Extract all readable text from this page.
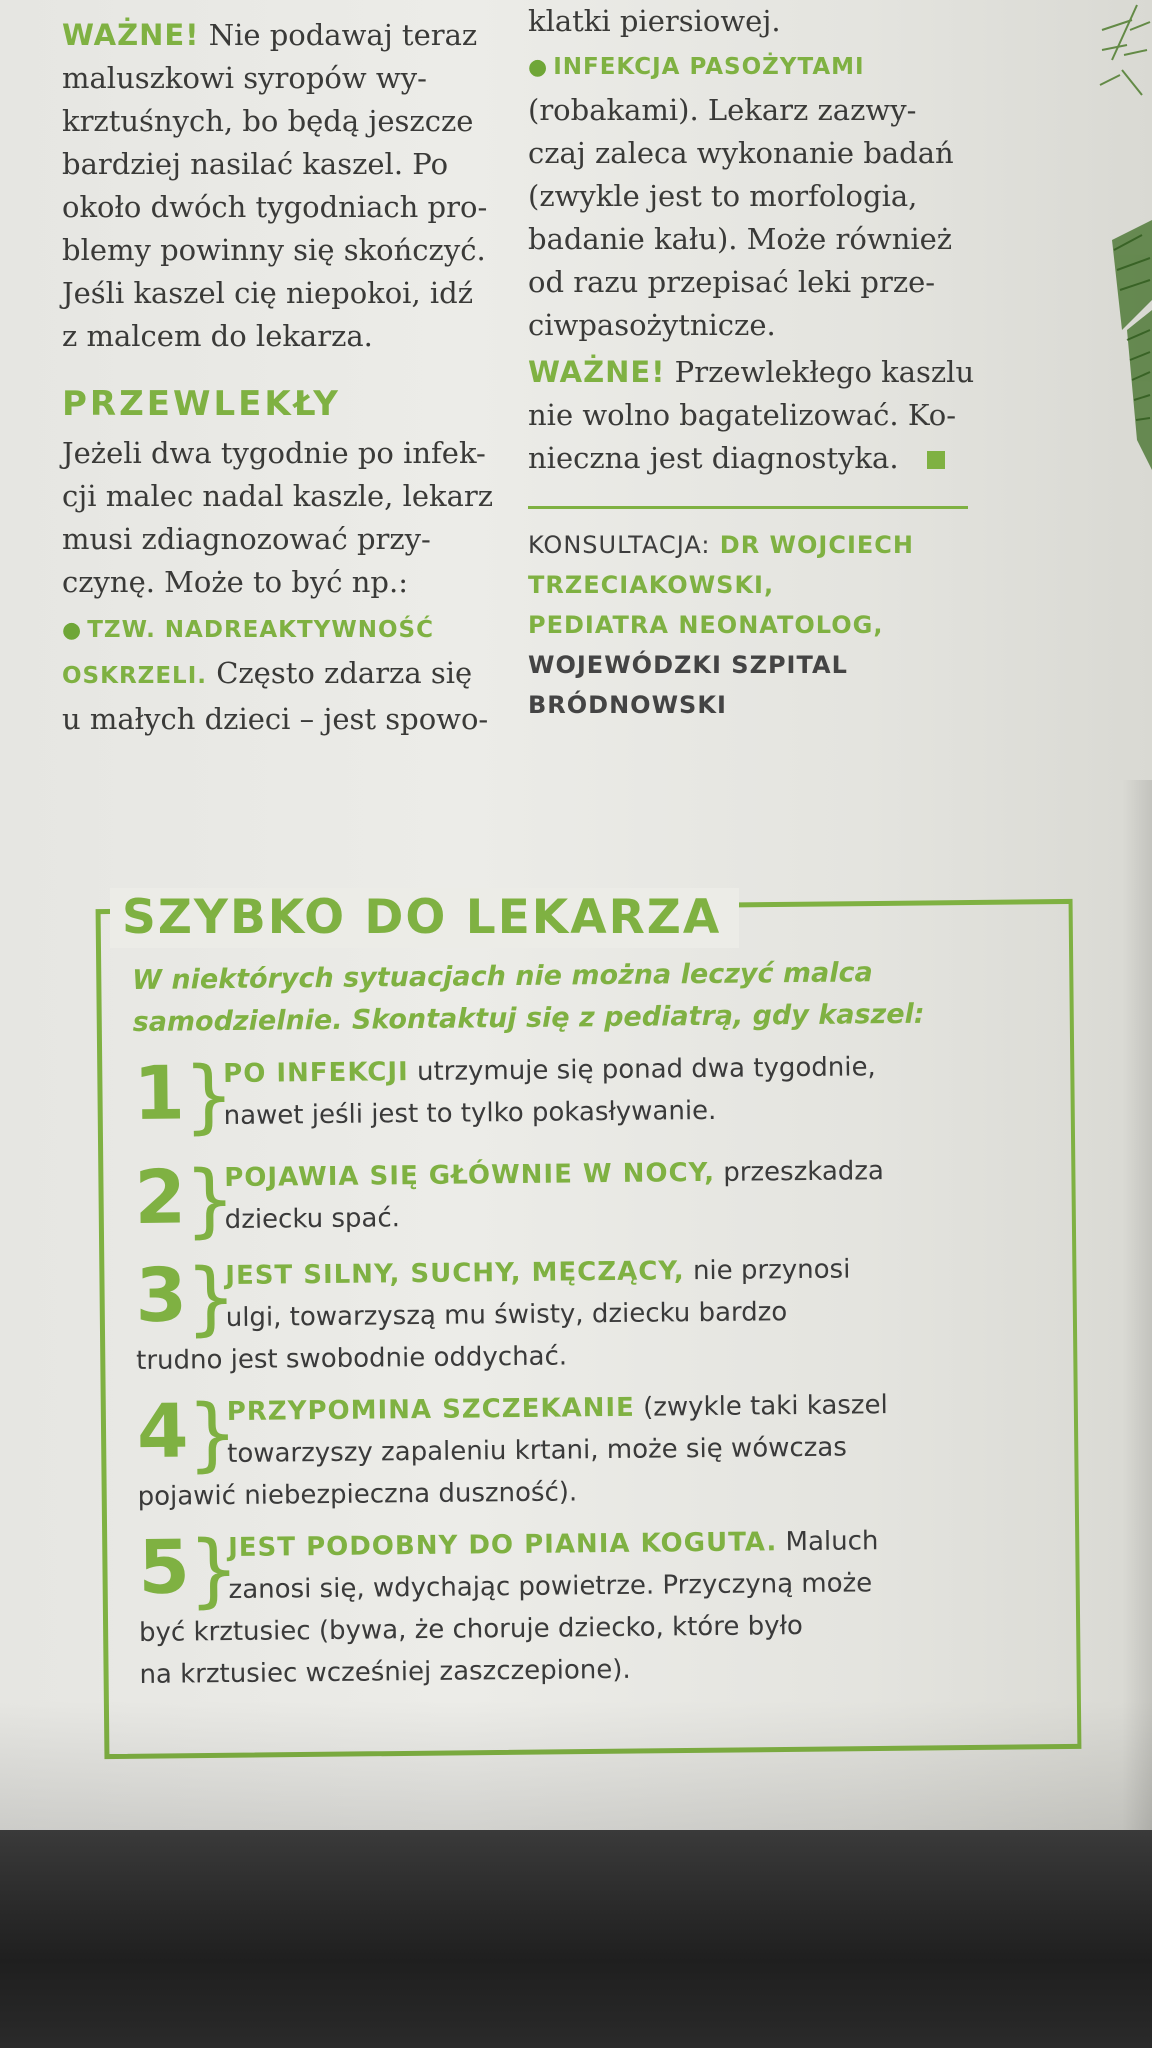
WAŻNE! Nie podawaj teraz
maluszkowi syropów wy-
krztuśnych, bo będą jeszcze
bardziej nasilać kaszel. Po
około dwóch tygodniach pro-
blemy powinny się skończyć.
Jeśli kaszel cię niepokoi, idź
z malcem do lekarza.

PRZEWLEKŁY

Jeżeli dwa tygodnie po infek-
cji malec nadal kaszle, lekarz
musi zdiagnozować przy-
czynę. Może to być np.:

● TZW. NADREAKTYWNOŚĆ
OSKRZELI. Często zdarza się
u małych dzieci – jest spowo-

klatki piersiowej.

● INFEKCJA PASOŻYTAMI
(robakami). Lekarz zazwy-
czaj zaleca wykonanie badań
(zwykle jest to morfologia,
badanie kału). Może również
od razu przepisać leki prze-
ciwpasożytnicze.

WAŻNE! Przewlekłego kaszlu
nie wolno bagatelizować. Ko-
nieczna jest diagnostyka.

KONSULTACJA: DR WOJCIECH
TRZECIAKOWSKI,
PEDIATRA NEONATOLOG,
WOJEWÓDZKI SZPITAL
BRÓDNOWSKI
SZYBKO DO LEKARZA

W niektórych sytuacjach nie można leczyć malca
samodzielnie. Skontaktuj się z pediatrą, gdy kaszel:

1
}
PO INFEKCJI utrzymuje się ponad dwa tygodnie,
nawet jeśli jest to tylko pokasływanie.
2
}
POJAWIA SIĘ GŁÓWNIE W NOCY, przeszkadza
dziecku spać.
3
}
JEST SILNY, SUCHY, MĘCZĄCY, nie przynosi
ulgi, towarzyszą mu świsty, dziecku bardzo
trudno jest swobodnie oddychać.
4
}
PRZYPOMINA SZCZEKANIE (zwykle taki kaszel
towarzyszy zapaleniu krtani, może się wówczas
pojawić niebezpieczna duszność).
5
}
JEST PODOBNY DO PIANIA KOGUTA. Maluch
zanosi się, wdychając powietrze. Przyczyną może
być krztusiec (bywa, że choruje dziecko, które było
na krztusiec wcześniej zaszczepione).
